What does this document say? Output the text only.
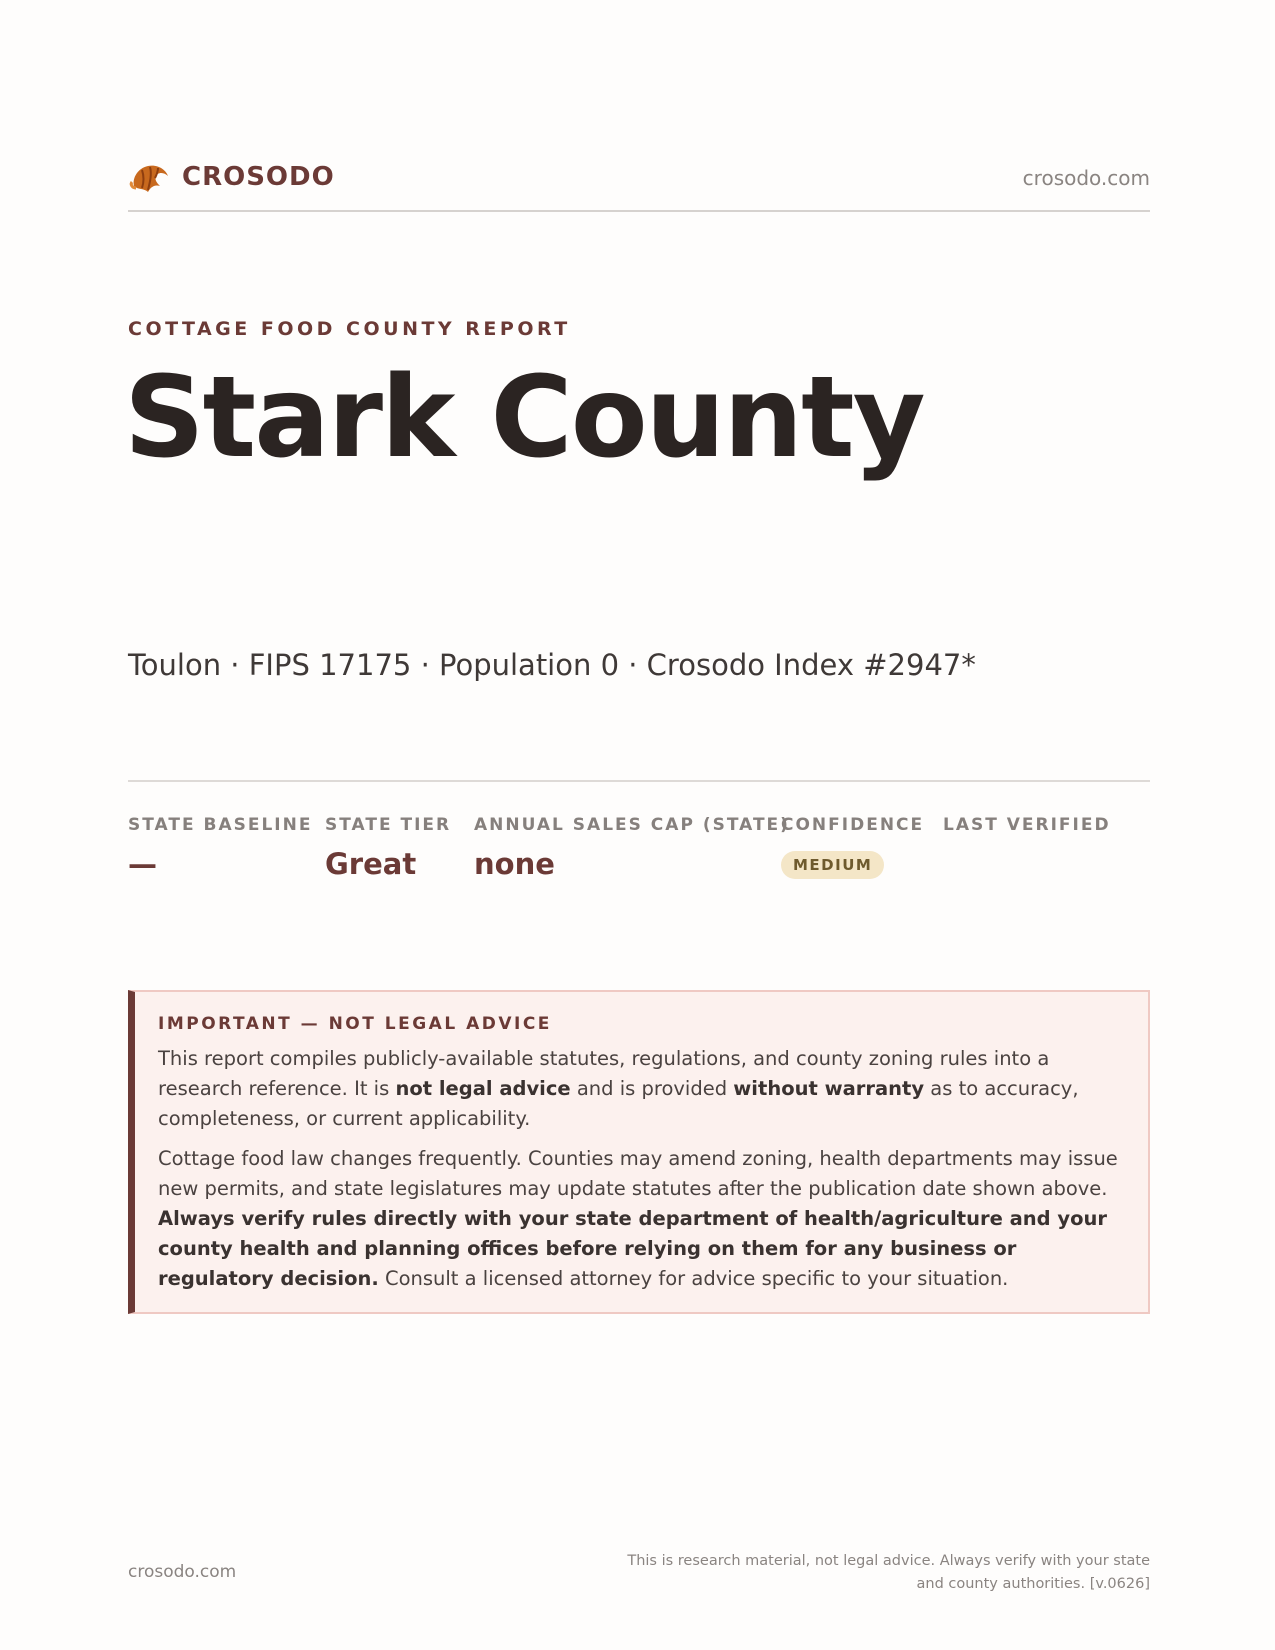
CROSODO	crosodo.com
COTTAGE FOOD COUNTY REPORT
Stark County
Toulon · FIPS 17175 · Population 0 · Crosodo Index #2947*
STATE BASELINE
—
STATE TIER
Great
ANNUAL SALES CAP (STATE)
none
CONFIDENCE
MEDIUM
LAST VERIFIED
IMPORTANT — NOT LEGAL ADVICE

This report compiles publicly-available statutes, regulations, and county zoning rules into a research reference. It is not legal advice and is provided without warranty as to accuracy, completeness, or current applicability.

Cottage food law changes frequently. Counties may amend zoning, health departments may issue new permits, and state legislatures may update statutes after the publication date shown above. Always verify rules directly with your state department of health/agriculture and your county health and planning offices before relying on them for any business or regulatory decision. Consult a licensed attorney for advice specific to your situation.

crosodo.com
This is research material, not legal advice. Always verify with your state
and county authorities. [v.0626]
